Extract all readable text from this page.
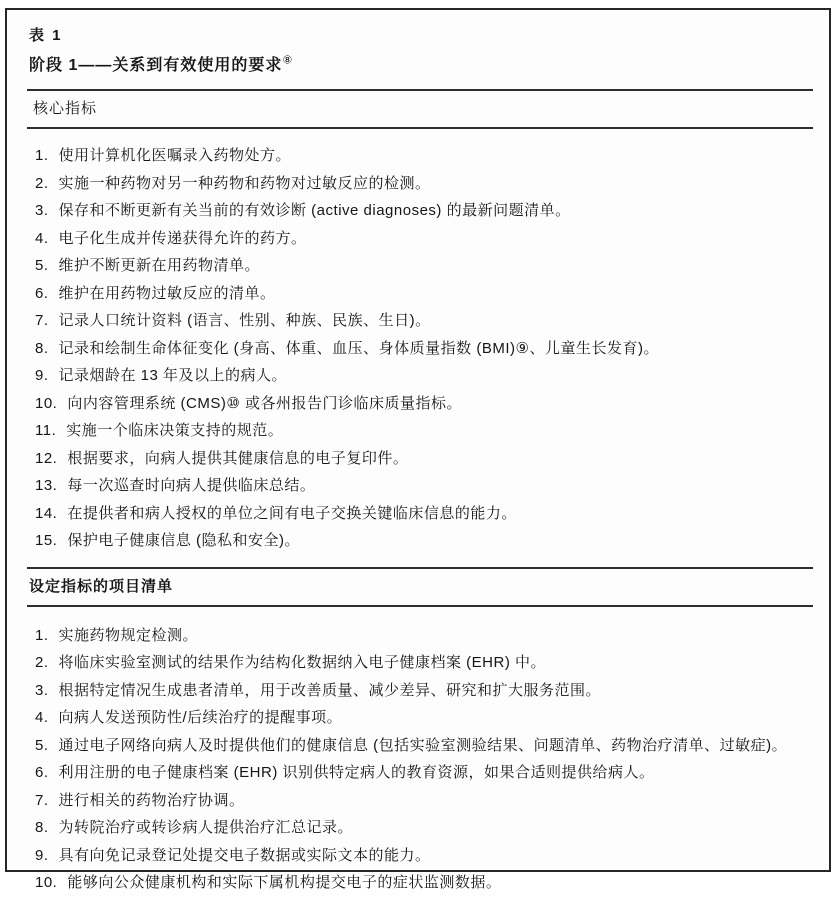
表 1
阶段 1——关系到有效使用的要求⑧
核心指标
1. 使用计算机化医嘱录入药物处方。
2. 实施一种药物对另一种药物和药物对过敏反应的检测。
3. 保存和不断更新有关当前的有效诊断 (active diagnoses) 的最新问题清单。
4. 电子化生成并传递获得允许的药方。
5. 维护不断更新在用药物清单。
6. 维护在用药物过敏反应的清单。
7. 记录人口统计资料 (语言、性别、种族、民族、生日)。
8. 记录和绘制生命体征变化 (身高、体重、血压、身体质量指数 (BMI)⑨、儿童生长发育)。
9. 记录烟龄在 13 年及以上的病人。
10. 向内容管理系统 (CMS)⑩ 或各州报告门诊临床质量指标。
11. 实施一个临床决策支持的规范。
12. 根据要求，向病人提供其健康信息的电子复印件。
13. 每一次巡查时向病人提供临床总结。
14. 在提供者和病人授权的单位之间有电子交换关键临床信息的能力。
15. 保护电子健康信息 (隐私和安全)。
设定指标的项目清单
1. 实施药物规定检测。
2. 将临床实验室测试的结果作为结构化数据纳入电子健康档案 (EHR) 中。
3. 根据特定情况生成患者清单，用于改善质量、减少差异、研究和扩大服务范围。
4. 向病人发送预防性/后续治疗的提醒事项。
5. 通过电子网络向病人及时提供他们的健康信息 (包括实验室测验结果、问题清单、药物治疗清单、过敏症)。
6. 利用注册的电子健康档案 (EHR) 识别供特定病人的教育资源，如果合适则提供给病人。
7. 进行相关的药物治疗协调。
8. 为转院治疗或转诊病人提供治疗汇总记录。
9. 具有向免记录登记处提交电子数据或实际文本的能力。
10. 能够向公众健康机构和实际下属机构提交电子的症状监测数据。
